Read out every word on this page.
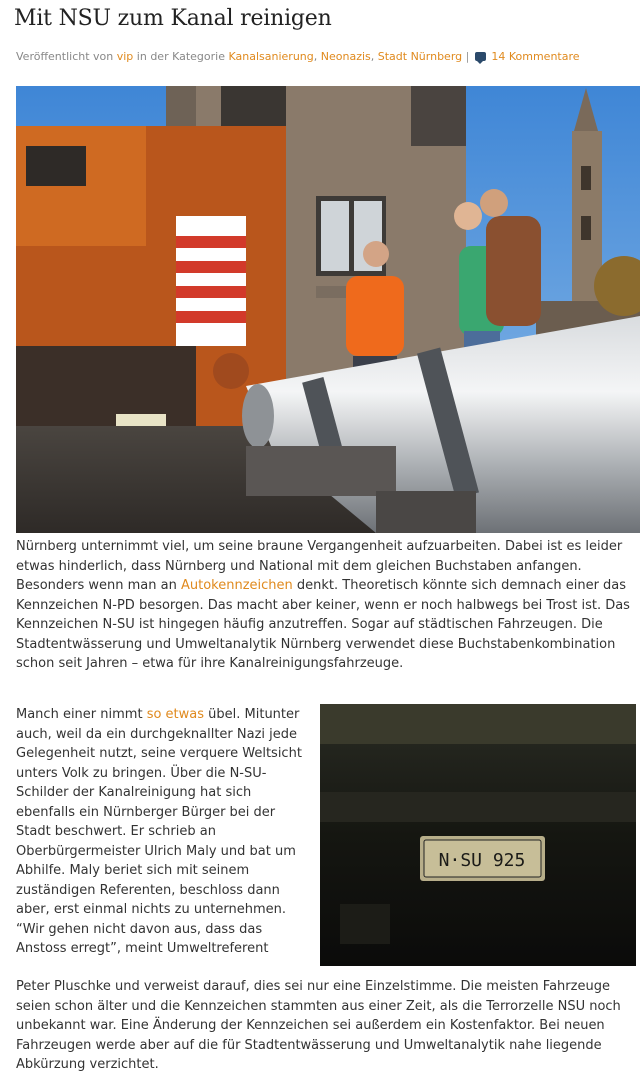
Mit NSU zum Kanal reinigen
Veröffentlicht von vip in der Kategorie Kanalsanierung, Neonazis, Stadt Nürnberg | 14 Kommentare

Nürnberg unternimmt viel, um seine braune Vergangenheit aufzuarbeiten. Dabei ist es leider etwas hinderlich, dass Nürnberg und National mit dem gleichen Buchstaben anfangen. Besonders wenn man an Autokennzeichen denkt. Theoretisch könnte sich demnach einer das Kennzeichen N-PD besorgen. Das macht aber keiner, wenn er noch halbwegs bei Trost ist. Das Kennzeichen N-SU ist hingegen häufig anzutreffen. Sogar auf städtischen Fahrzeugen. Die Stadtentwässerung und Umweltanalytik Nürnberg verwendet diese Buchstabenkombination schon seit Jahren – etwa für ihre Kanalreinigungsfahrzeuge.

N·SU 925

Manch einer nimmt so etwas übel. Mitunter auch, weil da ein durchgeknallter Nazi jede Gelegenheit nutzt, seine verquere Weltsicht unters Volk zu bringen. Über die N-SU-Schilder der Kanalreinigung hat sich ebenfalls ein Nürnberger Bürger bei der Stadt beschwert. Er schrieb an Oberbürgermeister Ulrich Maly und bat um Abhilfe. Maly beriet sich mit seinem zuständigen Referenten, beschloss dann aber, erst einmal nichts zu unternehmen. “Wir gehen nicht davon aus, dass das Anstoss erregt”, meint Umweltreferent

Peter Pluschke und verweist darauf, dies sei nur eine Einzelstimme. Die meisten Fahrzeuge seien schon älter und die Kennzeichen stammten aus einer Zeit, als die Terrorzelle NSU noch unbekannt war. Eine Änderung der Kennzeichen sei außerdem ein Kostenfaktor. Bei neuen Fahrzeugen werde aber auf die für Stadtentwässerung und Umweltanalytik nahe liegende Abkürzung verzichtet.
